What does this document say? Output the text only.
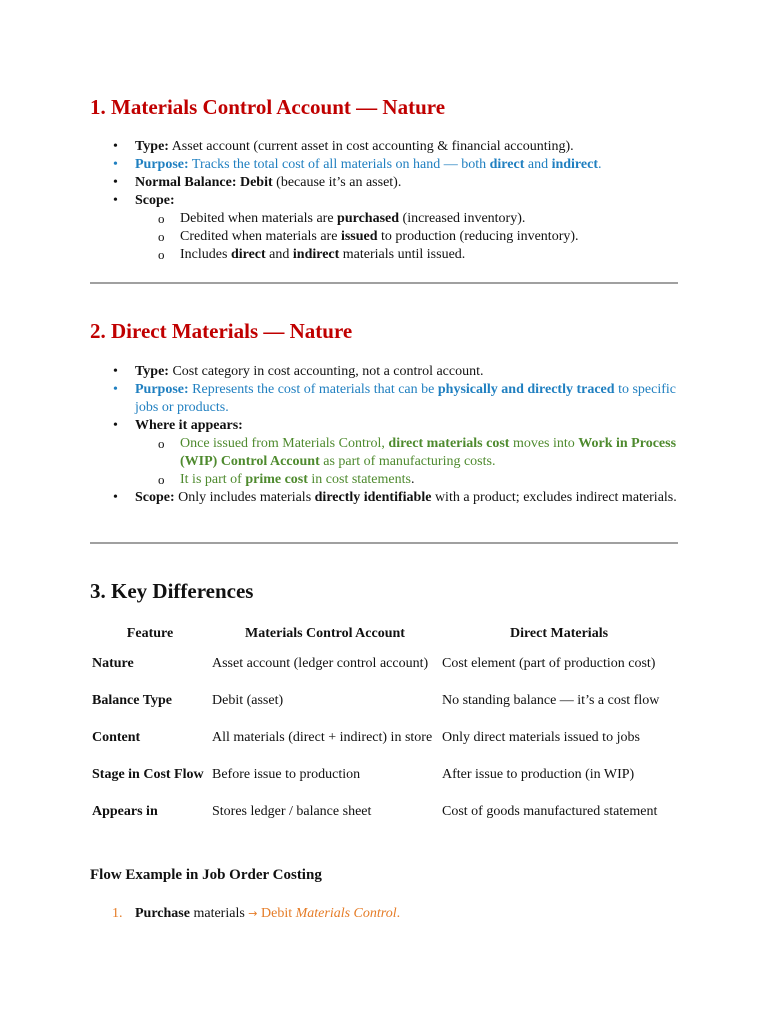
1. Materials Control Account — Nature
• Type: Asset account (current asset in cost accounting & financial accounting).
• Purpose: Tracks the total cost of all materials on hand — both direct and indirect.
• Normal Balance: Debit (because it’s an asset).
• Scope:
o Debited when materials are purchased (increased inventory).
o Credited when materials are issued to production (reducing inventory).
o Includes direct and indirect materials until issued.
2. Direct Materials — Nature
• Type: Cost category in cost accounting, not a control account.
• Purpose: Represents the cost of materials that can be physically and directly traced to specific jobs or products.
• Where it appears:
o Once issued from Materials Control, direct materials cost moves into Work in Process (WIP) Control Account as part of manufacturing costs.
o It is part of prime cost in cost statements.
• Scope: Only includes materials directly identifiable with a product; excludes indirect materials.
3. Key Differences
Feature	Materials Control Account	Direct Materials
Nature	Asset account (ledger control account)	Cost element (part of production cost)
Balance Type	Debit (asset)	No standing balance — it’s a cost flow
Content	All materials (direct + indirect) in store	Only direct materials issued to jobs
Stage in Cost Flow	Before issue to production	After issue to production (in WIP)
Appears in	Stores ledger / balance sheet	Cost of goods manufactured statement
Flow Example in Job Order Costing
1. Purchase materials → Debit Materials Control.
